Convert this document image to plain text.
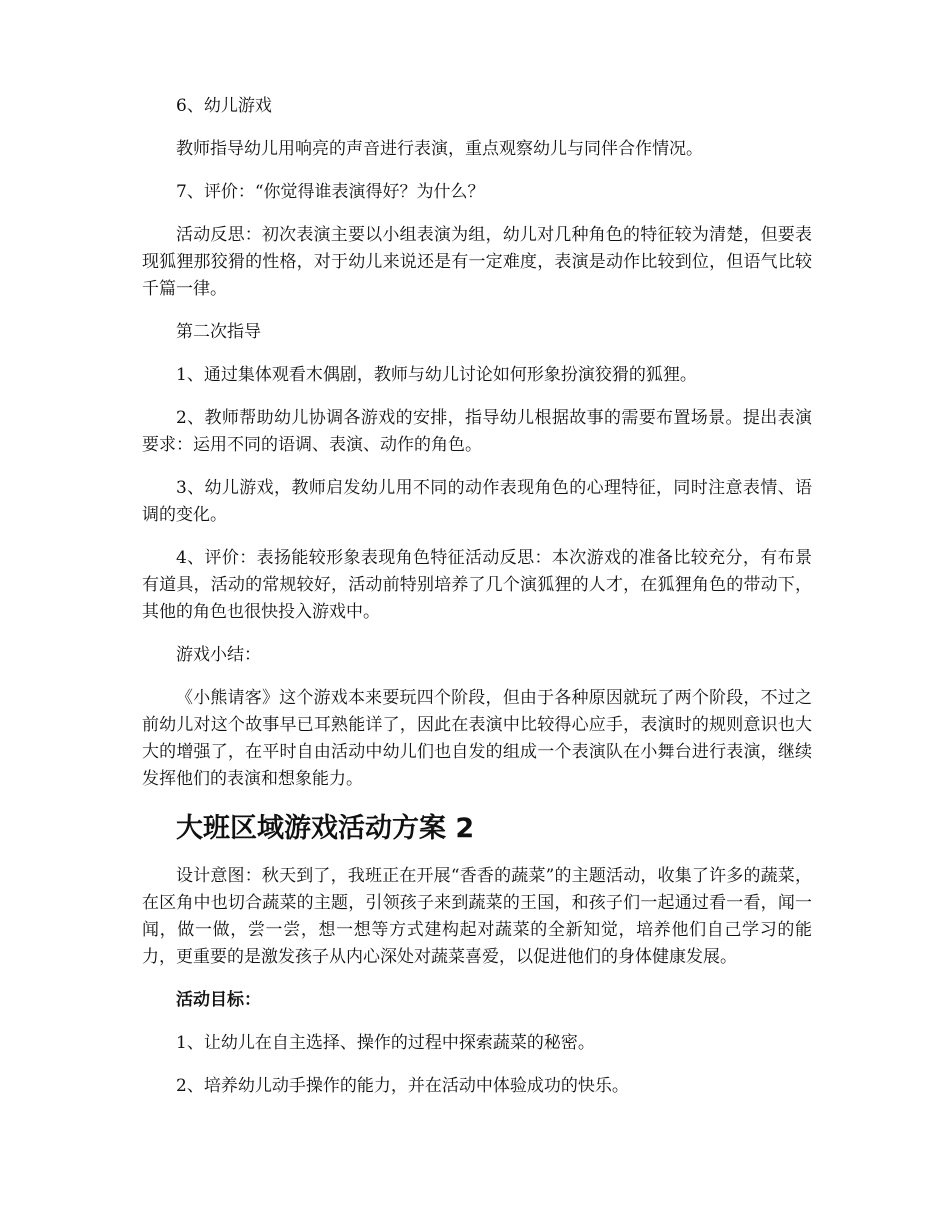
6、幼儿游戏

教师指导幼儿用响亮的声音进行表演，重点观察幼儿与同伴合作情况。

7、评价：“你觉得谁表演得好？为什么？

活动反思：初次表演主要以小组表演为组，幼儿对几种角色的特征较为清楚，但要表现狐狸那狡猾的性格，对于幼儿来说还是有一定难度，表演是动作比较到位，但语气比较千篇一律。

第二次指导

1、通过集体观看木偶剧，教师与幼儿讨论如何形象扮演狡猾的狐狸。

2、教师帮助幼儿协调各游戏的安排，指导幼儿根据故事的需要布置场景。提出表演要求：运用不同的语调、表演、动作的角色。

3、幼儿游戏，教师启发幼儿用不同的动作表现角色的心理特征，同时注意表情、语调的变化。

4、评价：表扬能较形象表现角色特征活动反思：本次游戏的准备比较充分，有布景有道具，活动的常规较好，活动前特别培养了几个演狐狸的人才，在狐狸角色的带动下，其他的角色也很快投入游戏中。

游戏小结：

《小熊请客》这个游戏本来要玩四个阶段，但由于各种原因就玩了两个阶段，不过之前幼儿对这个故事早已耳熟能详了，因此在表演中比较得心应手，表演时的规则意识也大大的增强了，在平时自由活动中幼儿们也自发的组成一个表演队在小舞台进行表演，继续发挥他们的表演和想象能力。

大班区域游戏活动方案 2

设计意图：秋天到了，我班正在开展“香香的蔬菜”的主题活动，收集了许多的蔬菜，在区角中也切合蔬菜的主题，引领孩子来到蔬菜的王国，和孩子们一起通过看一看，闻一闻，做一做，尝一尝，想一想等方式建构起对蔬菜的全新知觉，培养他们自己学习的能力，更重要的是激发孩子从内心深处对蔬菜喜爱，以促进他们的身体健康发展。

活动目标：

1、让幼儿在自主选择、操作的过程中探索蔬菜的秘密。

2、培养幼儿动手操作的能力，并在活动中体验成功的快乐。
